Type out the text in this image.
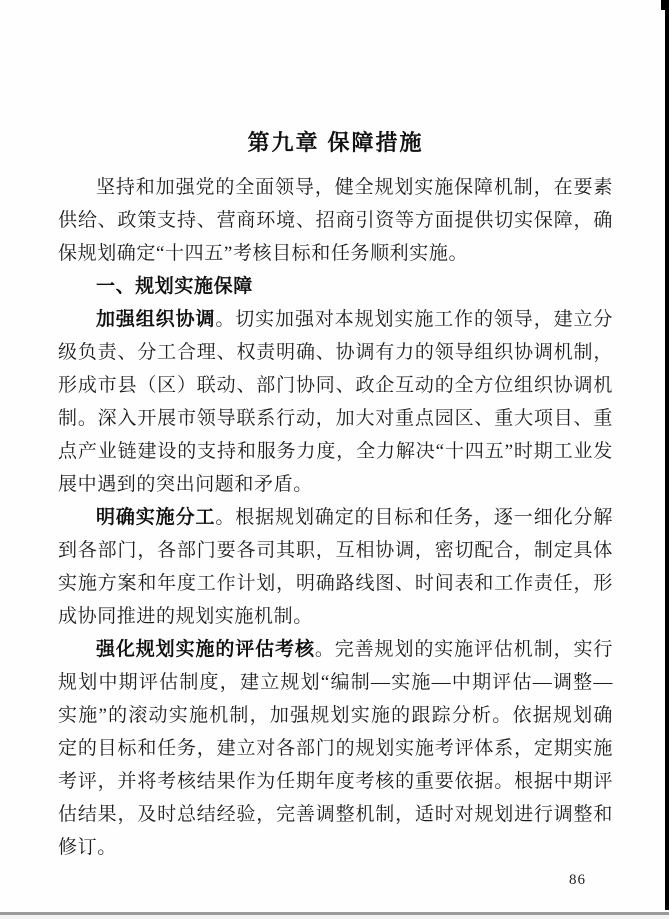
第九章 保障措施

坚持和加强党的全面领导，健全规划实施保障机制，在要素供给、政策支持、营商环境、招商引资等方面提供切实保障，确保规划确定“十四五”考核目标和任务顺利实施。

一、规划实施保障

加强组织协调。切实加强对本规划实施工作的领导，建立分级负责、分工合理、权责明确、协调有力的领导组织协调机制，形成市县（区）联动、部门协同、政企互动的全方位组织协调机制。深入开展市领导联系行动，加大对重点园区、重大项目、重点产业链建设的支持和服务力度，全力解决“十四五”时期工业发展中遇到的突出问题和矛盾。

明确实施分工。根据规划确定的目标和任务，逐一细化分解到各部门，各部门要各司其职，互相协调，密切配合，制定具体实施方案和年度工作计划，明确路线图、时间表和工作责任，形成协同推进的规划实施机制。

强化规划实施的评估考核。完善规划的实施评估机制，实行规划中期评估制度，建立规划“编制—实施—中期评估—调整—实施”的滚动实施机制，加强规划实施的跟踪分析。依据规划确定的目标和任务，建立对各部门的规划实施考评体系，定期实施考评，并将考核结果作为任期年度考核的重要依据。根据中期评估结果，及时总结经验，完善调整机制，适时对规划进行调整和修订。

86
